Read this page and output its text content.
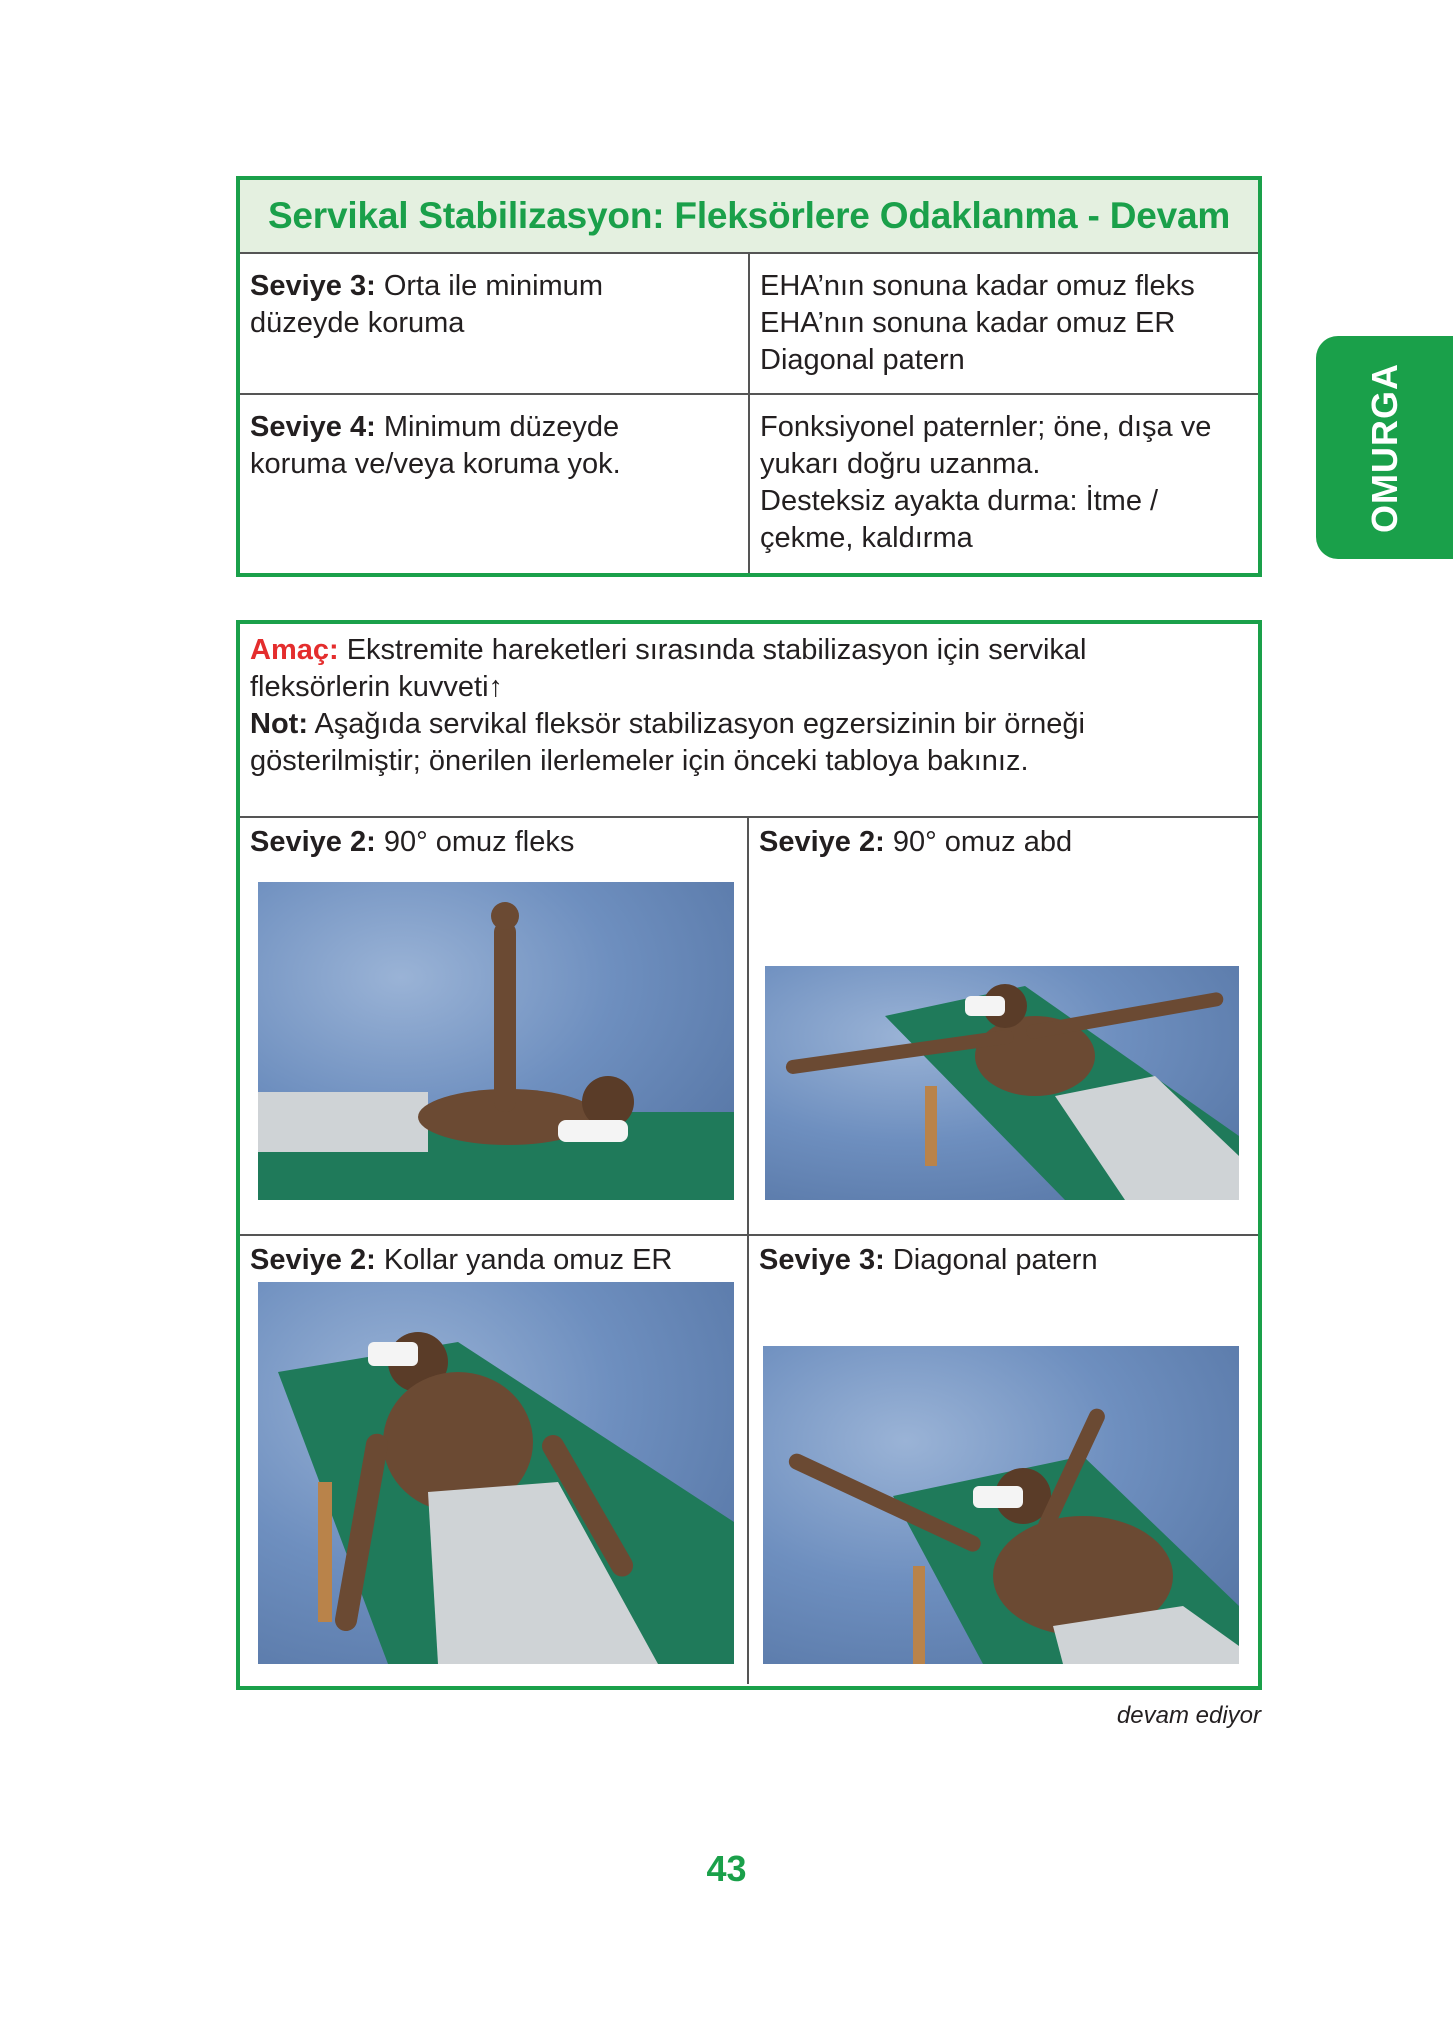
OMURGA
Servikal Stabilizasyon: Fleksörlere Odaklanma - Devam
Seviye 3: Orta ile minimum
düzeyde koruma
EHA’nın sonuna kadar omuz fleks
EHA’nın sonuna kadar omuz ER
Diagonal patern
Seviye 4: Minimum düzeyde
koruma ve/veya koruma yok.
Fonksiyonel paternler; öne, dışa ve
yukarı doğru uzanma.
Desteksiz ayakta durma: İtme /
çekme, kaldırma
Amaç: Ekstremite hareketleri sırasında stabilizasyon için servikal
fleksörlerin kuvveti↑
Not: Aşağıda servikal fleksör stabilizasyon egzersizinin bir örneği
gösterilmiştir; önerilen ilerlemeler için önceki tabloya bakınız.
Seviye 2: 90° omuz fleks	Seviye 2: 90° omuz abd
Seviye 2: Kollar yanda omuz ER	Seviye 3: Diagonal patern
devam ediyor
43
